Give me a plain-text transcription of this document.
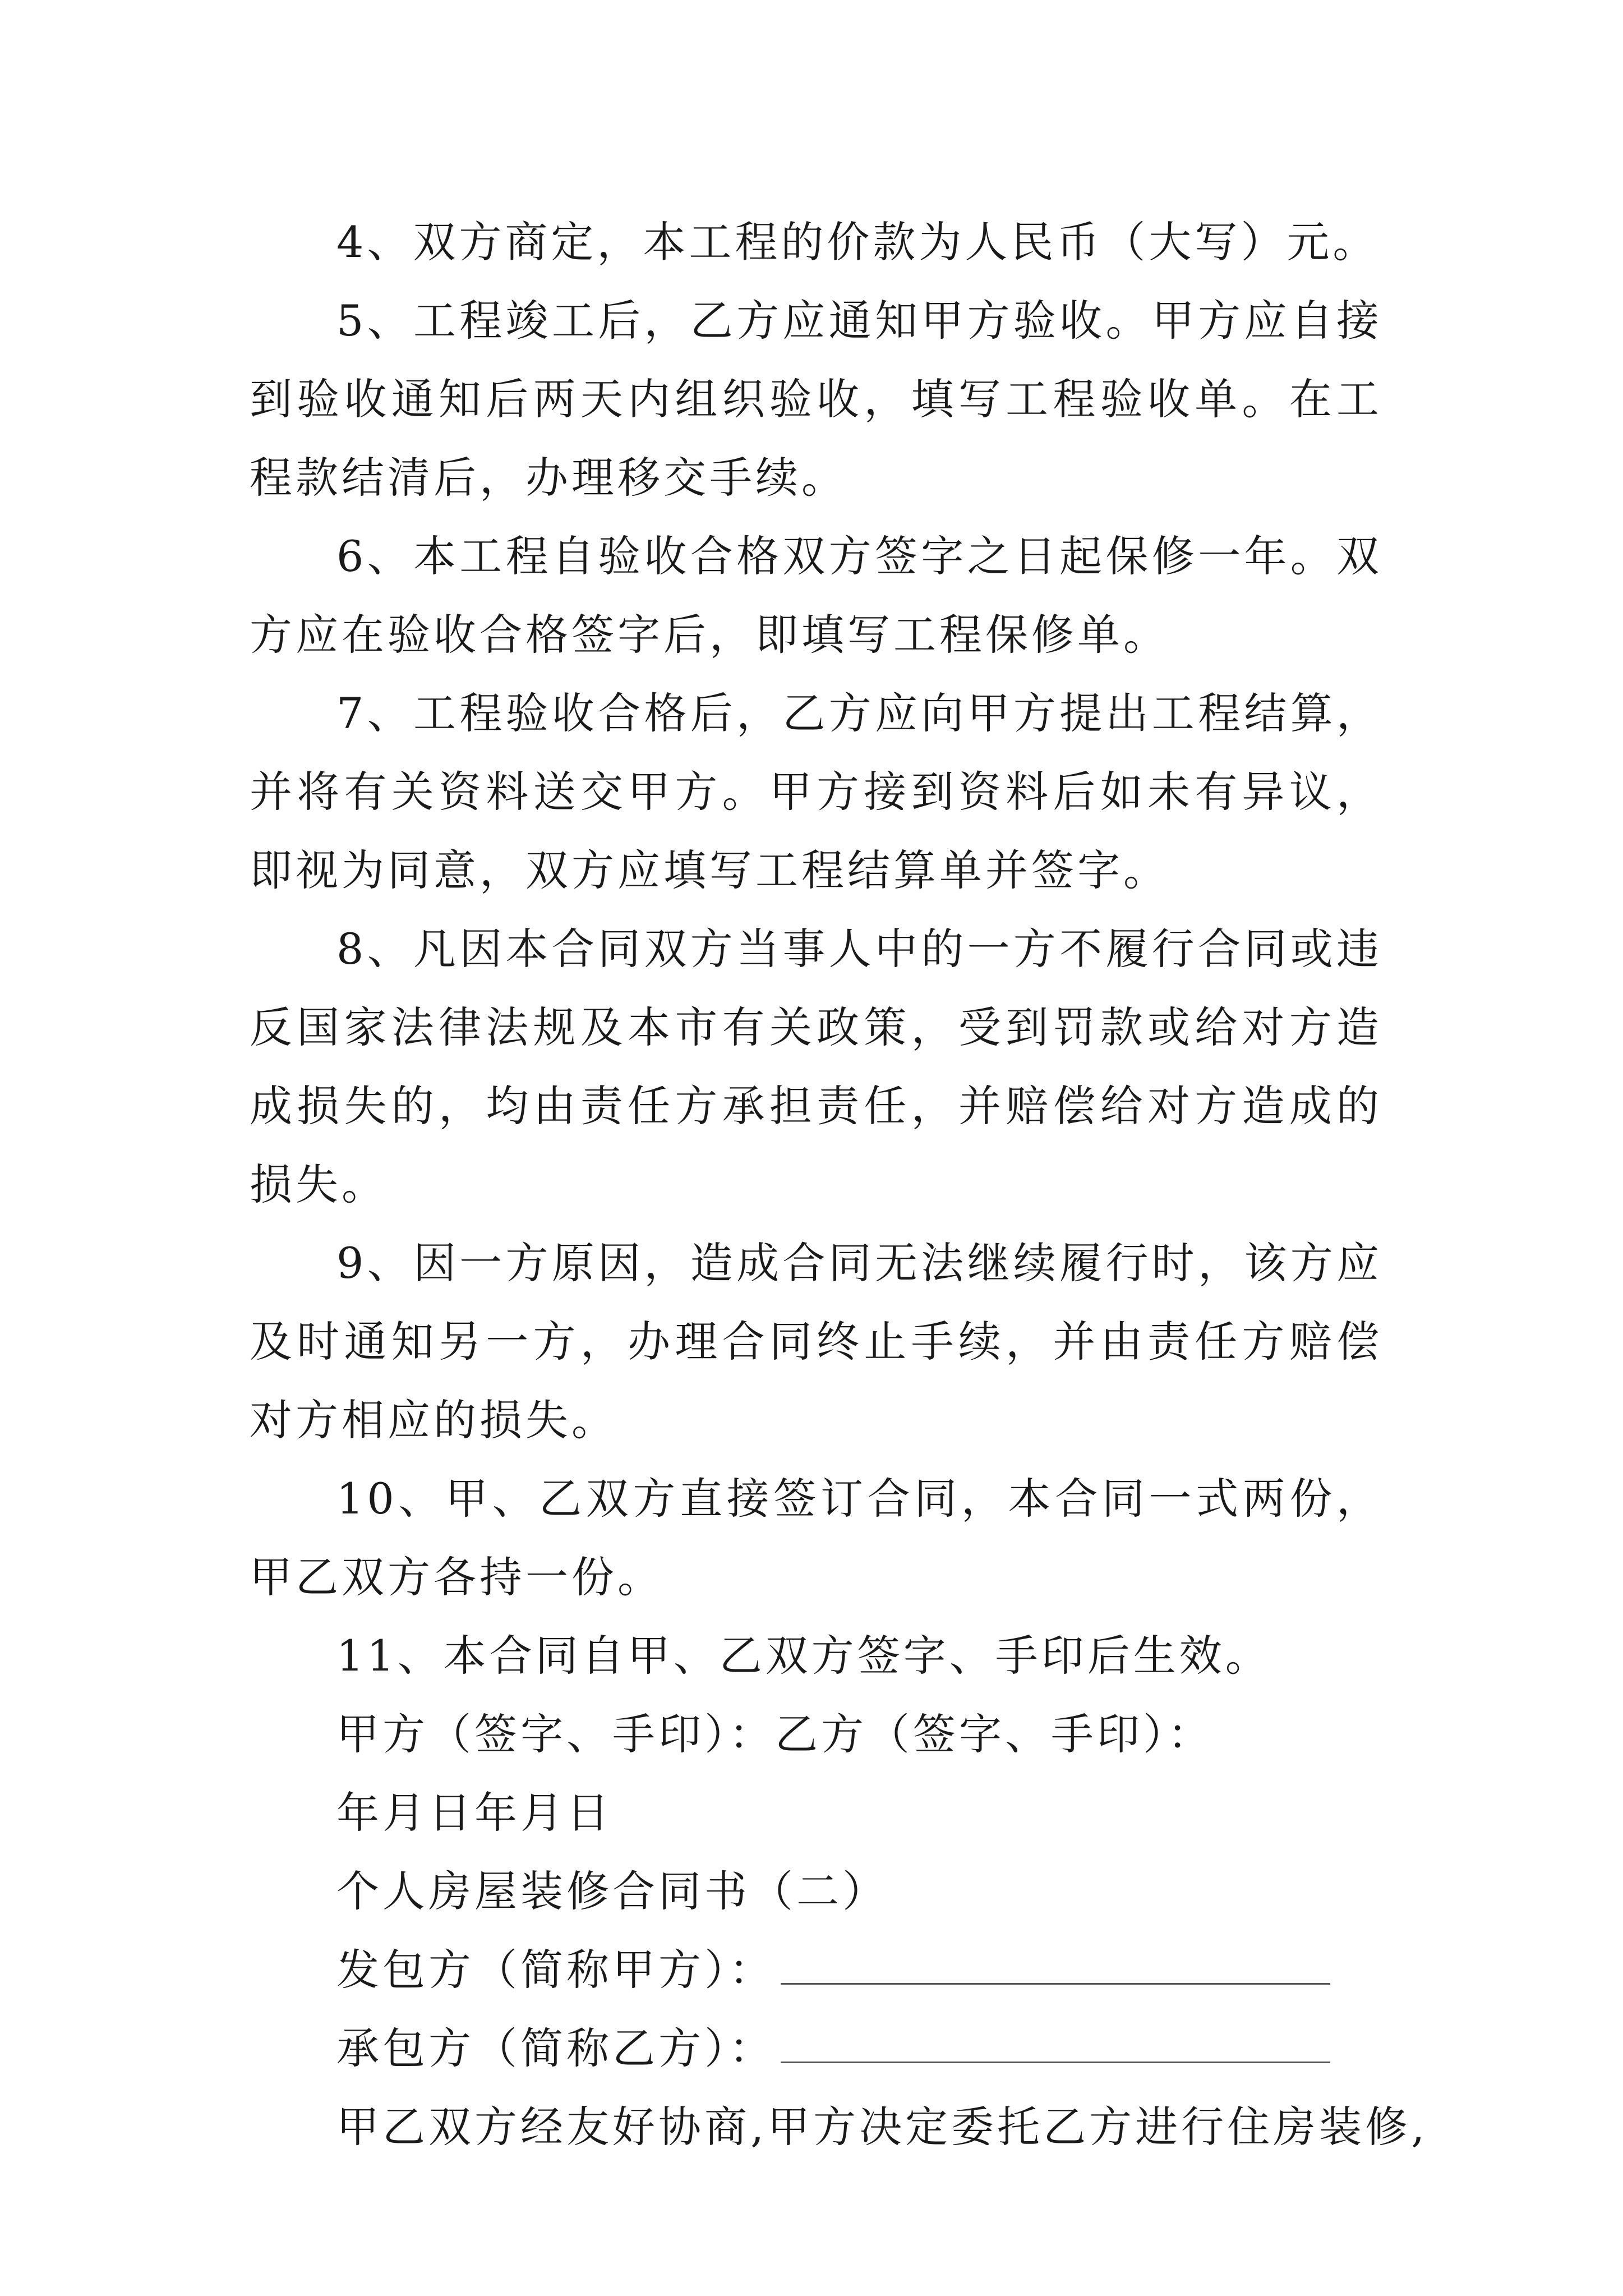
4、双方商定，本工程的价款为人民币（大写）元。

5、工程竣工后，乙方应通知甲方验收。甲方应自接到验收通知后两天内组织验收，填写工程验收单。在工程款结清后，办理移交手续。

6、本工程自验收合格双方签字之日起保修一年。双方应在验收合格签字后，即填写工程保修单。

7、工程验收合格后，乙方应向甲方提出工程结算，并将有关资料送交甲方。甲方接到资料后如未有异议，即视为同意，双方应填写工程结算单并签字。

8、凡因本合同双方当事人中的一方不履行合同或违反国家法律法规及本市有关政策，受到罚款或给对方造成损失的，均由责任方承担责任，并赔偿给对方造成的损失。

9、因一方原因，造成合同无法继续履行时，该方应及时通知另一方，办理合同终止手续，并由责任方赔偿对方相应的损失。

10、甲、乙双方直接签订合同，本合同一式两份，甲乙双方各持一份。

11、本合同自甲、乙双方签字、手印后生效。

甲方（签字、手印）：乙方（签字、手印）：

年月日年月日

个人房屋装修合同书（二）

发包方（简称甲方）：

承包方（简称乙方）：

甲乙双方经友好协商,甲方决定委托乙方进行住房装修,
